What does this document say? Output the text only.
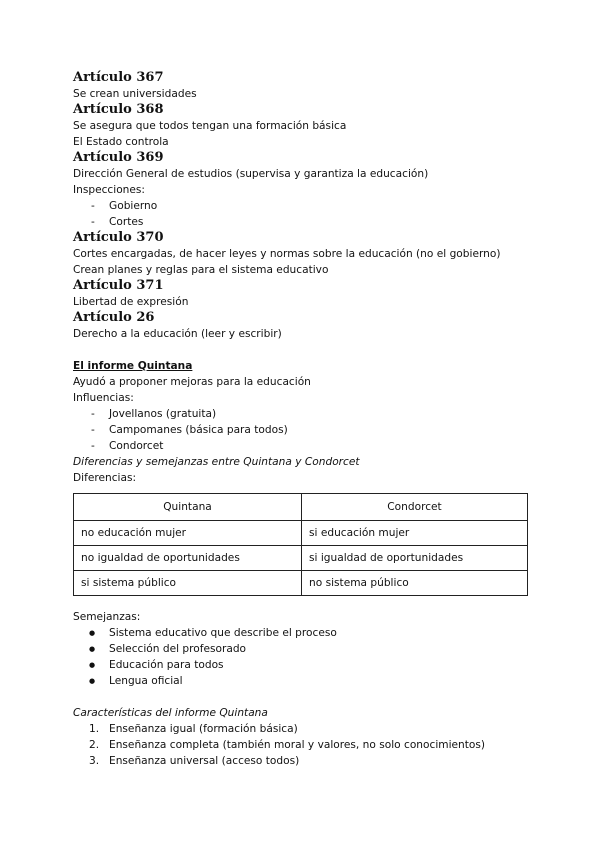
Artículo 367

Se crean universidades

Artículo 368

Se asegura que todos tengan una formación básica

El Estado controla

Artículo 369

Dirección General de estudios (supervisa y garantiza la educación)

Inspecciones:

- Gobierno

- Cortes

Artículo 370

Cortes encargadas, de hacer leyes y normas sobre la educación (no el gobierno)

Crean planes y reglas para el sistema educativo

Artículo 371

Libertad de expresión

Artículo 26

Derecho a la educación (leer y escribir)

El informe Quintana

Ayudó a proponer mejoras para la educación

Influencias:

- Jovellanos (gratuita)

- Campomanes (básica para todos)

- Condorcet

Diferencias y semejanzas entre Quintana y Condorcet

Diferencias:

Quintana	Condorcet
no educación mujer	si educación mujer
no igualdad de oportunidades	si igualdad de oportunidades
si sistema público	no sistema público

Semejanzas:

● Sistema educativo que describe el proceso

● Selección del profesorado

● Educación para todos

● Lengua oficial

Características del informe Quintana

1. Enseñanza igual (formación básica)

2. Enseñanza completa (también moral y valores, no solo conocimientos)

3. Enseñanza universal (acceso todos)
